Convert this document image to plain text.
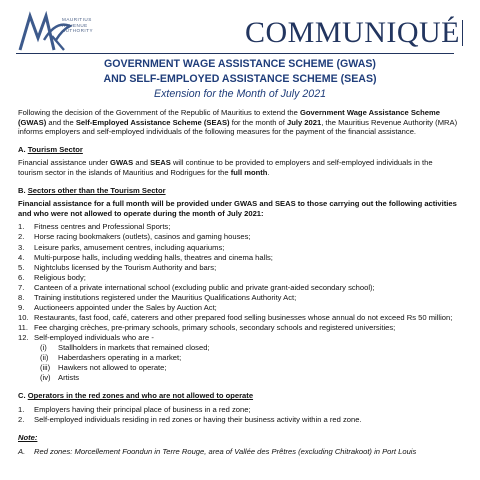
MAURITIUS
REVENUE
AUTHORITY	COMMUNIQUÉ
GOVERNMENT WAGE ASSISTANCE SCHEME (GWAS)
AND SELF-EMPLOYED ASSISTANCE SCHEME (SEAS)
Extension for the Month of July 2021

Following the decision of the Government of the Republic of Mauritius to extend the Government Wage Assistance Scheme (GWAS) and the Self-Employed Assistance Scheme (SEAS) for the month of July 2021, the Mauritius Revenue Authority (MRA) informs employers and self-employed individuals of the following measures for the payment of the financial assistance.

A. Tourism Sector

Financial assistance under GWAS and SEAS will continue to be provided to employers and self-employed individuals in the tourism sector in the islands of Mauritius and Rodrigues for the full month.

B. Sectors other than the Tourism Sector

Financial assistance for a full month will be provided under GWAS and SEAS to those carrying out the following activities and who were not allowed to operate during the month of July 2021:

1.	Fitness centres and Professional Sports;
2.	Horse racing bookmakers (outlets), casinos and gaming houses;
3.	Leisure parks, amusement centres, including aquariums;
4.	Multi-purpose halls, including wedding halls, theatres and cinema halls;
5.	Nightclubs licensed by the Tourism Authority and bars;
6.	Religious body;
7.	Canteen of a private international school (excluding public and private grant-aided secondary school);
8.	Training institutions registered under the Mauritius Qualifications Authority Act;
9.	Auctioneers appointed under the Sales by Auction Act;
10. Restaurants, fast food, café, caterers and other prepared food selling businesses whose annual do not exceed Rs 50 million;
11. Fee charging crèches, pre-primary schools, primary schools, secondary schools and registered universities;
12. Self-employed individuals who are -
(i)	Stallholders in markets that remained closed;
(ii)	Haberdashers operating in a market;
(iii)	Hawkers not allowed to operate;
(iv) Artists
C. Operators in the red zones and who are not allowed to operate
1.	Employers having their principal place of business in a red zone;
2.	Self-employed individuals residing in red zones or having their business activity within a red zone.
Note:
A.	Red zones: Morcellement Foondun in Terre Rouge, area of Vallée des Prêtres (excluding Chitrakoot) in Port Louis
